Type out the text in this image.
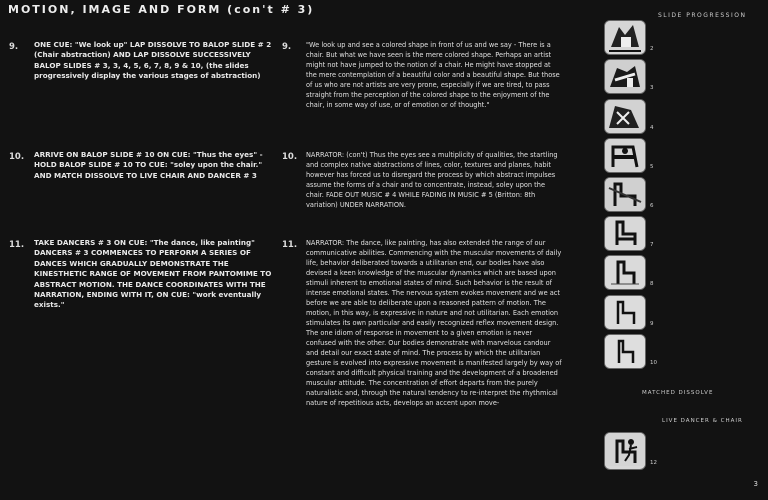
MOTION, IMAGE AND FORM (con't # 3)
9. ONE CUE: "We look up" LAP DISSOLVE TO BALOP SLIDE # 2 (Chair abstraction) AND LAP DISSOLVE SUCCESSIVELY BALOP SLIDES # 3, 3, 4, 5, 6, 7, 8, 9 & 10, (the slides progressively display the various stages of abstraction)
9. "We look up and see a colored shape in front of us and we say - There is a chair. But what we have seen is the mere colored shape. Perhaps an artist might not have jumped to the notion of a chair. He might have stopped at the mere contemplation of a beautiful color and a beautiful shape. But those of us who are not artists are very prone, especially if we are tired, to pass straight from the perception of the colored shape to the enjoyment of the chair, in some way of use, or of emotion or of thought."
10. ARRIVE ON BALOP SLIDE # 10 ON CUE: "Thus the eyes" - HOLD BALOP SLIDE # 10 TO CUE: "soley upon the chair." AND MATCH DISSOLVE TO LIVE CHAIR AND DANCER # 3
10. NARRATOR: (con't) Thus the eyes see a multiplicity of qualities, the startling and complex native abstractions of lines, color, textures and planes, habit however has forced us to disregard the process by which abstract impulses assume the forms of a chair and to concentrate, instead, soley upon the chair. FADE OUT MUSIC # 4 WHILE FADING IN MUSIC # 5 (Britton: 8th variation) UNDER NARRATION.
11. TAKE DANCERS # 3 ON CUE: "The dance, like painting" DANCERS # 3 COMMENCES TO PERFORM A SERIES OF DANCES WHICH GRADUALLY DEMONSTRATE THE KINESTHETIC RANGE OF MOVEMENT FROM PANTOMIME TO ABSTRACT MOTION. THE DANCE COORDINATES WITH THE NARRATION, ENDING WITH IT, ON CUE: "work eventually exists."
11. NARRATOR: The dance, like painting, has also extended the range of our communicative abilities. Commencing with the muscular movements of daily life, behavior deliberated towards a utilitarian end, our bodies have also devised a keen knowledge of the muscular dynamics which are based upon stimuli inherent to emotional states of mind. Such behavior is the result of intense emotional states. The nervous system evokes movement and we act before we are able to deliberate upon a reasoned pattern of motion. The motion, in this way, is expressive in nature and not utilitarian. Each emotion stimulates its own particular and easily recognized reflex movement design. The one idiom of response in movement to a given emotion is never confused with the other. Our bodies demonstrate with marvelous candour and detail our exact state of mind. The process by which the utilitarian gesture is evolved into expressive movement is manifested largely by way of constant and difficult physical training and the development of a broadened muscular attitude. The concentration of effort departs from the purely naturalistic and, through the natural tendency to re-interpret the rhythmical nature of repetitious acts, develops an accent upon move-
SLIDE PROGRESSION
2
3
4
5
6
7
8
9
10
MATCHED DISSOLVE
LIVE DANCER & CHAIR
12
3
